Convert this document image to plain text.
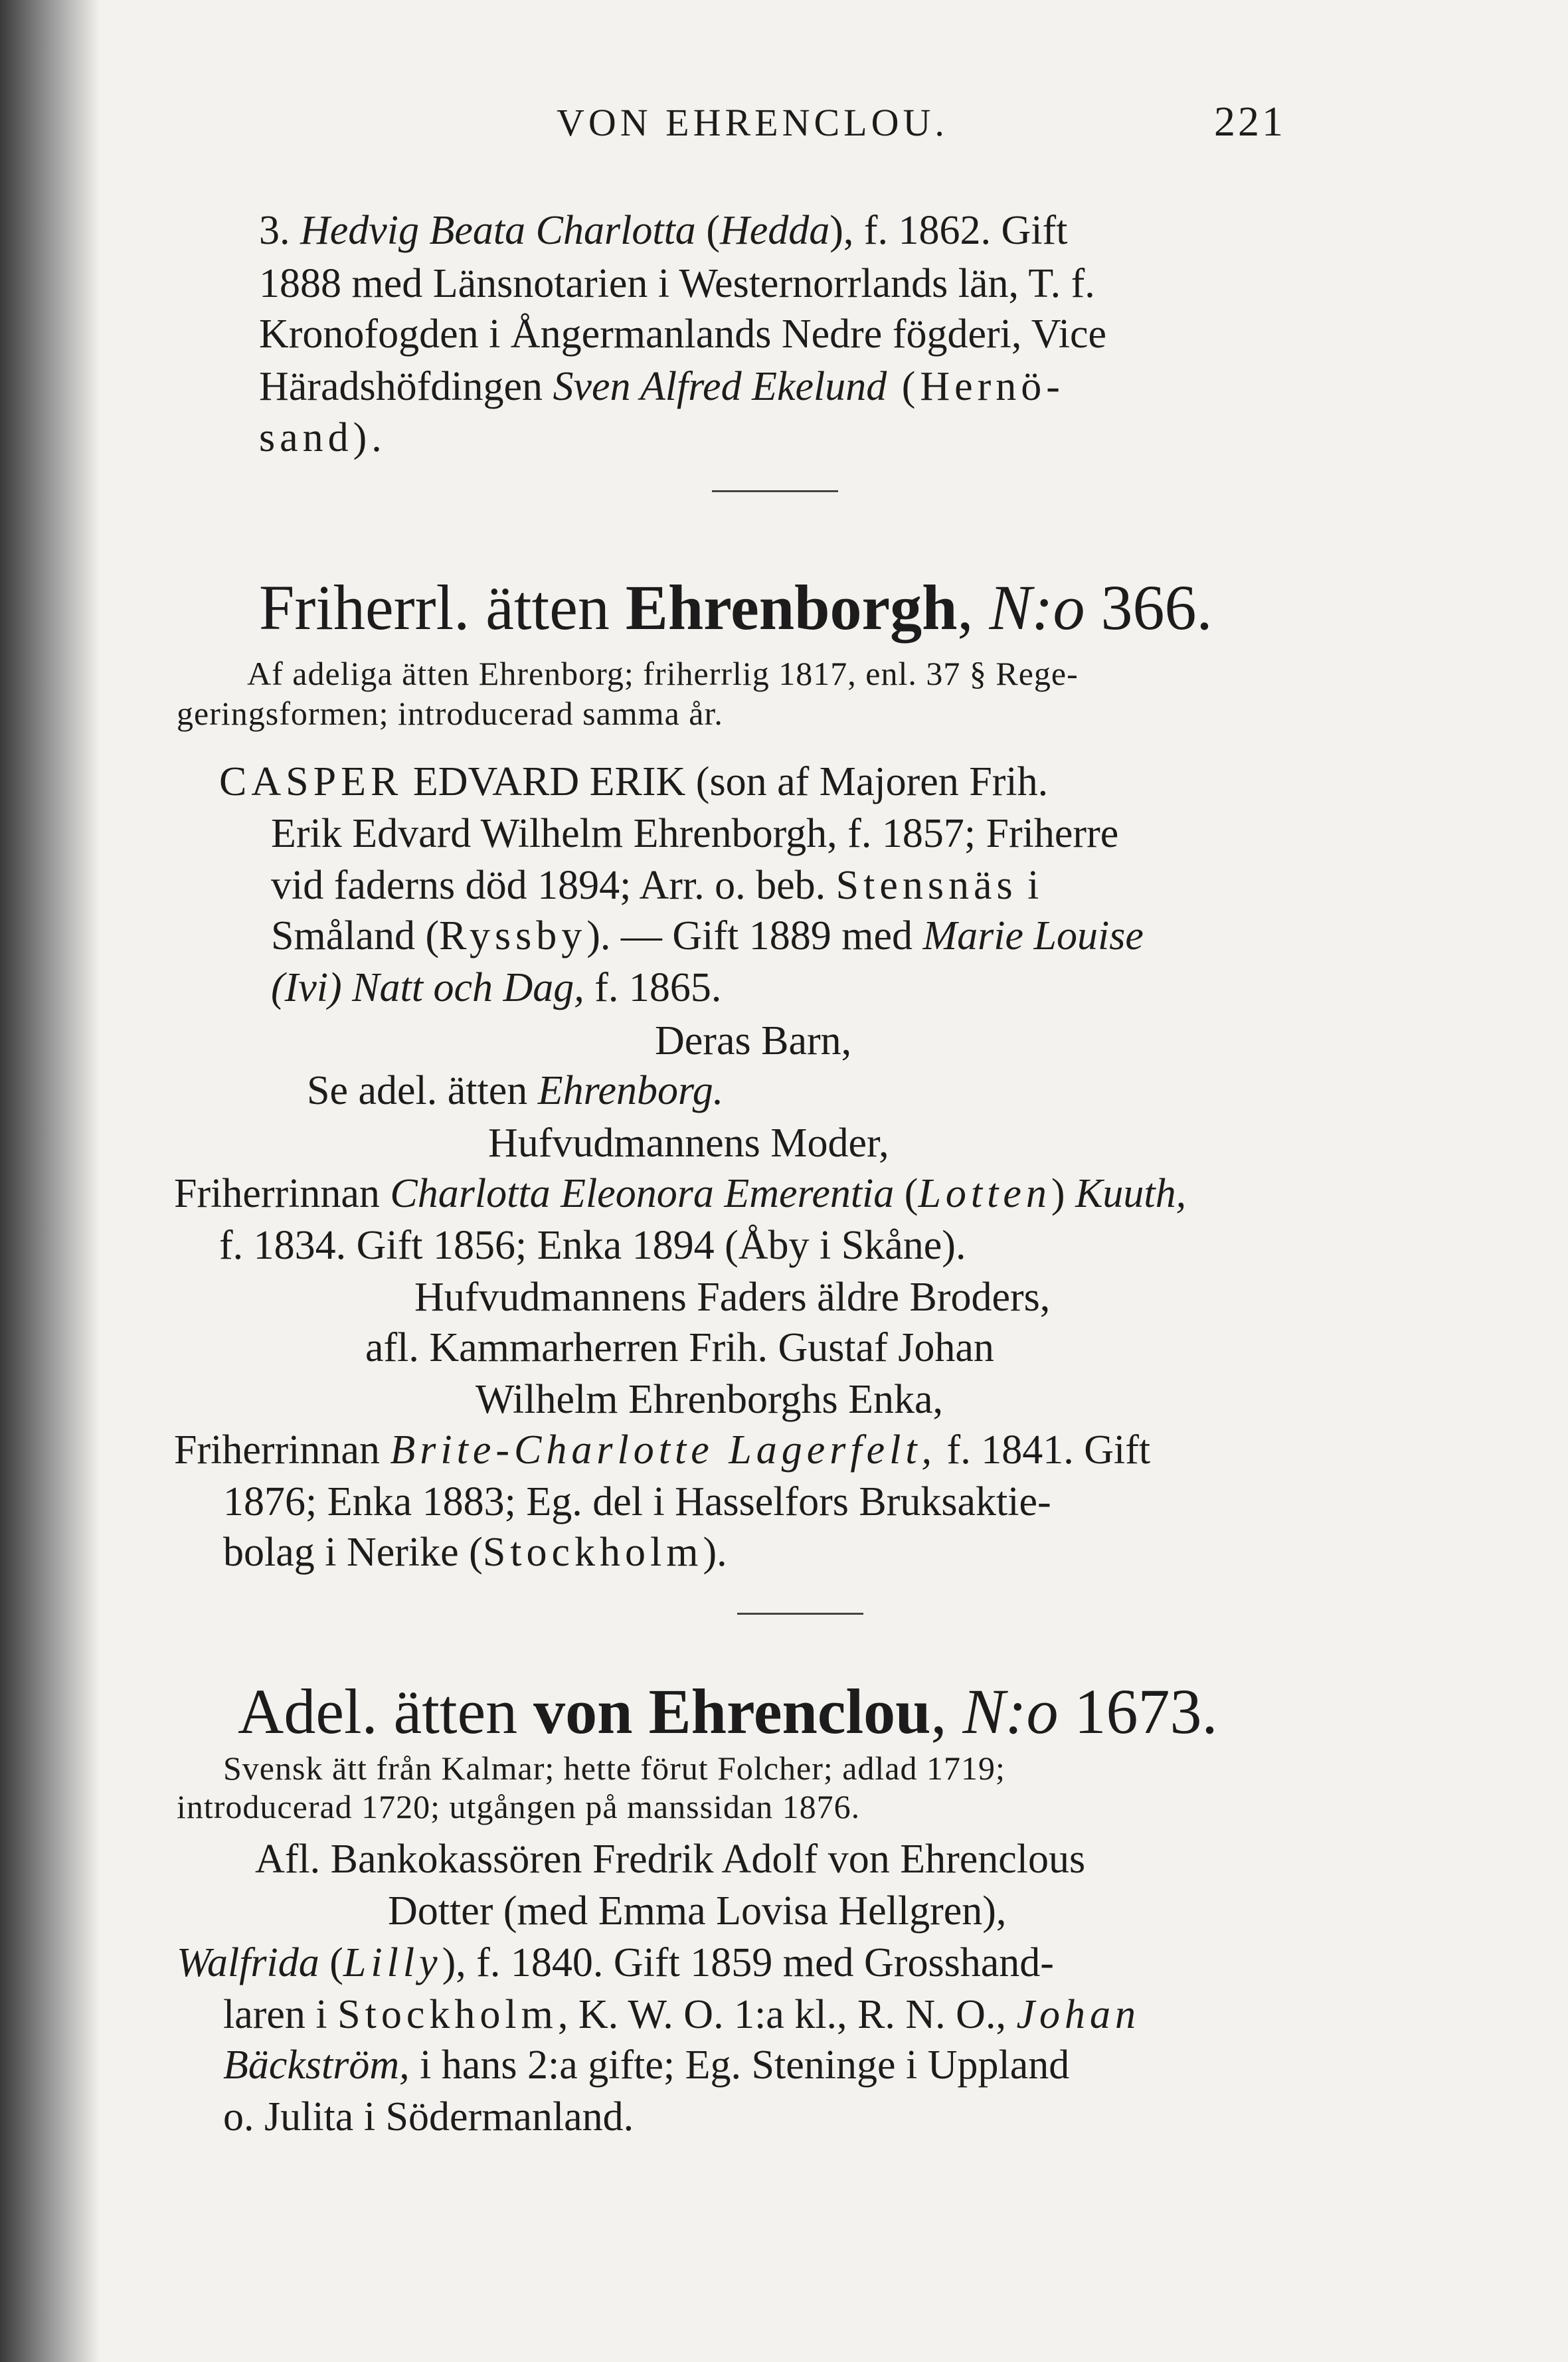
VON EHRENCLOU.	221
3. Hedvig Beata Charlotta (Hedda), f. 1862. Gift
1888 med Länsnotarien i Westernorrlands län, T. f.
Kronofogden i Ångermanlands Nedre fögderi, Vice
Häradshöfdingen Sven Alfred Ekelund (Hernö-
sand).
Friherrl. ätten Ehrenborgh, N:o 366.
Af adeliga ätten Ehrenborg; friherrlig 1817, enl. 37 § Rege-
geringsformen; introducerad samma år.
CASPER EDVARD ERIK (son af Majoren Frih.
Erik Edvard Wilhelm Ehrenborgh, f. 1857; Friherre
vid faderns död 1894; Arr. o. beb. Stensnäs i
Småland (Ryssby). — Gift 1889 med Marie Louise
(Ivi) Natt och Dag, f. 1865.
Deras Barn,
Se adel. ätten Ehrenborg.
Hufvudmannens Moder,
Friherrinnan Charlotta Eleonora Emerentia (Lotten) Kuuth,
f. 1834. Gift 1856; Enka 1894 (Åby i Skåne).
Hufvudmannens Faders äldre Broders,
afl. Kammarherren Frih. Gustaf Johan
Wilhelm Ehrenborghs Enka,
Friherrinnan Brite-Charlotte Lagerfelt, f. 1841. Gift
1876; Enka 1883; Eg. del i Hasselfors Bruksaktie-
bolag i Nerike (Stockholm).
Adel. ätten von Ehrenclou, N:o 1673.
Svensk ätt från Kalmar; hette förut Folcher; adlad 1719;
introducerad 1720; utgången på manssidan 1876.
Afl. Bankokassören Fredrik Adolf von Ehrenclous
Dotter (med Emma Lovisa Hellgren),
Walfrida (Lilly), f. 1840. Gift 1859 med Grosshand-
laren i Stockholm, K. W. O. 1:a kl., R. N. O., Johan
Bäckström, i hans 2:a gifte; Eg. Steninge i Uppland
o. Julita i Södermanland.
